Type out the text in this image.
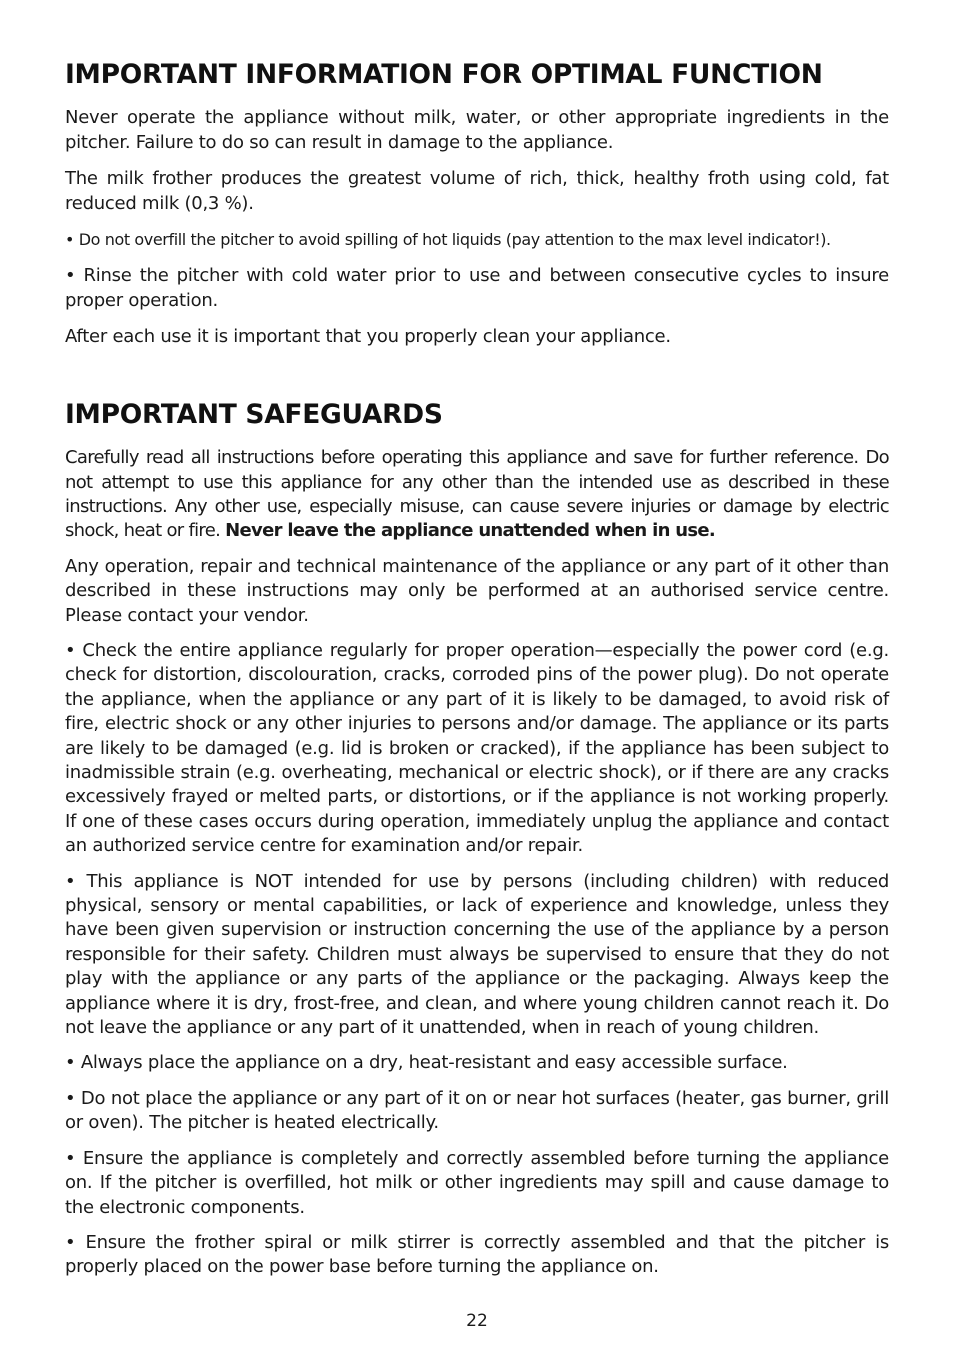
IMPORTANT INFORMATION FOR OPTIMAL FUNCTION

Never operate the appliance without milk, water, or other appropriate ingredients in the pitcher. Failure to do so can result in damage to the appliance.

The milk frother produces the greatest volume of rich, thick, healthy froth using cold, fat reduced milk (0,3 %).

• Do not overfill the pitcher to avoid spilling of hot liquids (pay attention to the max level indicator!).

• Rinse the pitcher with cold water prior to use and between consecutive cycles to insure proper operation.

After each use it is important that you properly clean your appliance.

IMPORTANT SAFEGUARDS

Carefully read all instructions before operating this appliance and save for further reference. Do not attempt to use this appliance for any other than the intended use as described in these instructions. Any other use, especially misuse, can cause severe injuries or damage by electric shock, heat or fire. Never leave the appliance unattended when in use.

Any operation, repair and technical maintenance of the appliance or any part of it other than described in these instructions may only be performed at an authorised service centre. Please contact your vendor.

• Check the entire appliance regularly for proper operation—especially the power cord (e.g. check for distortion, discolouration, cracks, corroded pins of the power plug). Do not operate the appliance, when the appliance or any part of it is likely to be damaged, to avoid risk of fire, electric shock or any other injuries to persons and/or damage. The appliance or its parts are likely to be damaged (e.g. lid is broken or cracked), if the appliance has been subject to inadmissible strain (e.g. overheating, mechanical or electric shock), or if there are any cracks excessively frayed or melted parts, or distortions, or if the appliance is not working properly. If one of these cases occurs during operation, immediately unplug the appliance and contact an authorized service centre for examination and/or repair.

• This appliance is NOT intended for use by persons (including children) with reduced physical, sensory or mental capabilities, or lack of experience and knowledge, unless they have been given supervision or instruction concerning the use of the appliance by a person responsible for their safety. Children must always be supervised to ensure that they do not play with the appliance or any parts of the appliance or the packaging. Always keep the appliance where it is dry, frost-free, and clean, and where young children cannot reach it. Do not leave the appliance or any part of it unattended, when in reach of young children.

• Always place the appliance on a dry, heat-resistant and easy accessible surface.

• Do not place the appliance or any part of it on or near hot surfaces (heater, gas burner, grill or oven). The pitcher is heated electrically.

• Ensure the appliance is completely and correctly assembled before turning the appliance on. If the pitcher is overfilled, hot milk or other ingredients may spill and cause damage to the electronic components.

• Ensure the frother spiral or milk stirrer is correctly assembled and that the pitcher is properly placed on the power base before turning the appliance on.

22
